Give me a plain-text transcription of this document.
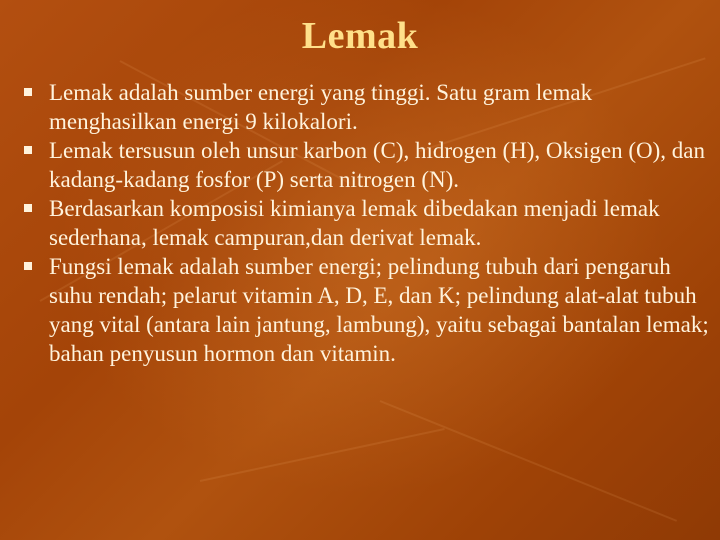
Lemak
Lemak adalah sumber energi yang tinggi. Satu gram lemak menghasilkan energi 9 kilokalori.
Lemak tersusun oleh unsur karbon (C), hidrogen (H), Oksigen (O), dan kadang-kadang fosfor (P) serta nitrogen (N).
Berdasarkan komposisi kimianya lemak dibedakan menjadi lemak sederhana, lemak campuran,dan derivat lemak.
Fungsi lemak adalah sumber energi; pelindung tubuh dari pengaruh suhu rendah; pelarut vitamin A, D, E, dan K; pelindung alat-alat tubuh yang vital (antara lain jantung, lambung), yaitu sebagai bantalan lemak; bahan penyusun hormon dan vitamin.
